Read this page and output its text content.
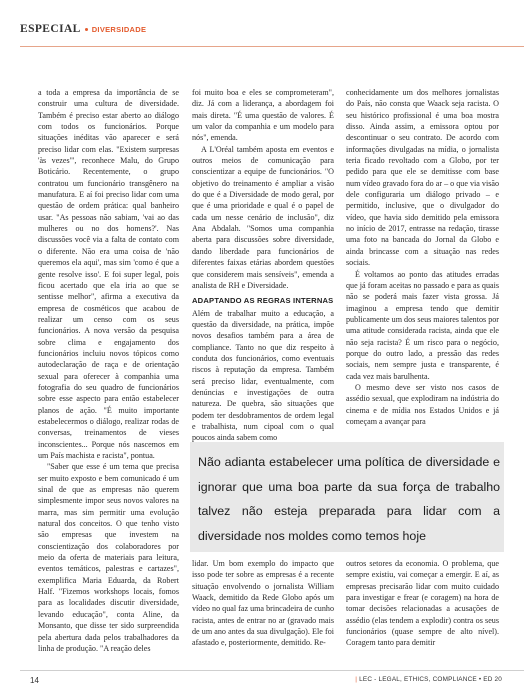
ESPECIAL DIVERSIDADE

a toda a empresa da importância de se construir uma cultura de diversidade. Também é preciso estar aberto ao diálogo com todos os funcionários. Porque situações inéditas vão aparecer e será preciso lidar com elas. "Existem surpresas 'às vezes'", reconhece Malu, do Grupo Boticário. Recentemente, o grupo contratou um funcionário transgênero na manufatura. E aí foi preciso lidar com uma questão de ordem prática: qual banheiro usar. "As pessoas não sabiam, 'vai ao das mulheres ou no dos homens?'. Nas discussões você via a falta de contato com o diferente. Não era uma coisa de 'não queremos ela aqui', mas sim 'como é que a gente resolve isso'. E foi super legal, pois ficou acertado que ela iria ao que se sentisse melhor", afirma a executiva da empresa de cosméticos que acabou de realizar um censo com os seus funcionários. A nova versão da pesquisa sobre clima e engajamento dos funcionários incluiu novos tópicos como autodeclaração de raça e de orientação sexual para oferecer à companhia uma fotografia do seu quadro de funcionários sobre esse aspecto para então estabelecer planos de ação. "É muito importante estabelecermos o diálogo, realizar rodas de conversas, treinamentos de vieses inconscientes... Porque nós nascemos em um País machista e racista", pontua.

"Saber que esse é um tema que precisa ser muito exposto e bem comunicado é um sinal de que as empresas não querem simplesmente impor seus novos valores na marra, mas sim permitir uma evolução natural dos conceitos. O que tenho visto são empresas que investem na conscientização dos colaboradores por meio da oferta de materiais para leitura, eventos temáticos, palestras e cartazes", exemplifica Maria Eduarda, da Robert Half. "Fizemos workshops locais, fomos para as localidades discutir diversidade, levando educação", conta Aline, da Monsanto, que disse ter sido surpreendida pela abertura dada pelos trabalhadores da linha de produção. "A reação deles

foi muito boa e eles se comprometeram", diz. Já com a liderança, a abordagem foi mais direta. "É uma questão de valores. É um valor da companhia e um modelo para nós", emenda.

A L'Oréal também aposta em eventos e outros meios de comunicação para conscientizar a equipe de funcionários. "O objetivo do treinamento é ampliar a visão do que é a Diversidade de modo geral, por que é uma prioridade e qual é o papel de cada um nesse cenário de inclusão", diz Ana Abdalah. "Somos uma companhia aberta para discussões sobre diversidade, dando liberdade para funcionários de diferentes faixas etárias abordem questões que considerem mais sensíveis", emenda a analista de RH e Diversidade.

ADAPTANDO AS REGRAS INTERNAS

Além de trabalhar muito a educação, a questão da diversidade, na prática, impõe novos desafios também para a área de compliance. Tanto no que diz respeito à conduta dos funcionários, como eventuais riscos à reputação da empresa. Também será preciso lidar, eventualmente, com denúncias e investigações de outra natureza. De quebra, são situações que podem ter desdobramentos de ordem legal e trabalhista, num cipoal com o qual poucos ainda sabem como

conhecidamente um dos melhores jornalistas do País, não consta que Waack seja racista. O seu histórico profissional é uma boa mostra disso. Ainda assim, a emissora optou por descontinuar o seu contrato. De acordo com informações divulgadas na mídia, o jornalista teria ficado revoltado com a Globo, por ter pedido para que ele se demitisse com base num vídeo gravado fora do ar – o que via visão dele configuraria um diálogo privado – e permitido, inclusive, que o divulgador do vídeo, que havia sido demitido pela emissora no início de 2017, entrasse na redação, tirasse uma foto na bancada do Jornal da Globo e ainda brincasse com a situação nas redes sociais.

É voltamos ao ponto das atitudes erradas que já foram aceitas no passado e para as quais não se poderá mais fazer vista grossa. Já imaginou a empresa tendo que demitir publicamente um dos seus maiores talentos por uma atitude considerada racista, ainda que ele não seja racista? É um risco para o negócio, porque do outro lado, a pressão das redes sociais, nem sempre justa e transparente, é cada vez mais barulhenta.

O mesmo deve ser visto nos casos de assédio sexual, que explodiram na indústria do cinema e de mídia nos Estados Unidos e já começam a avançar para

Não adianta estabelecer uma política de diversidade e ignorar que uma boa parte da sua força de trabalho talvez não esteja preparada para lidar com a diversidade nos moldes como temos hoje

lidar. Um bom exemplo do impacto que isso pode ter sobre as empresas é a recente situação envolvendo o jornalista William Waack, demitido da Rede Globo após um vídeo no qual faz uma brincadeira de cunho racista, antes de entrar no ar (gravado mais de um ano antes da sua divulgação). Ele foi afastado e, posteriormente, demitido. Re-

outros setores da economia. O problema, que sempre existiu, vai começar a emergir. E aí, as empresas precisarão lidar com muito cuidado para investigar e frear (e coragem) na hora de tomar decisões relacionadas a acusações de assédio (elas tendem a explodir) contra os seus funcionários (quase sempre de alto nível). Coragem tanto para demitir

14	| LEC - LEGAL, ETHICS, COMPLIANCE • ED 20
